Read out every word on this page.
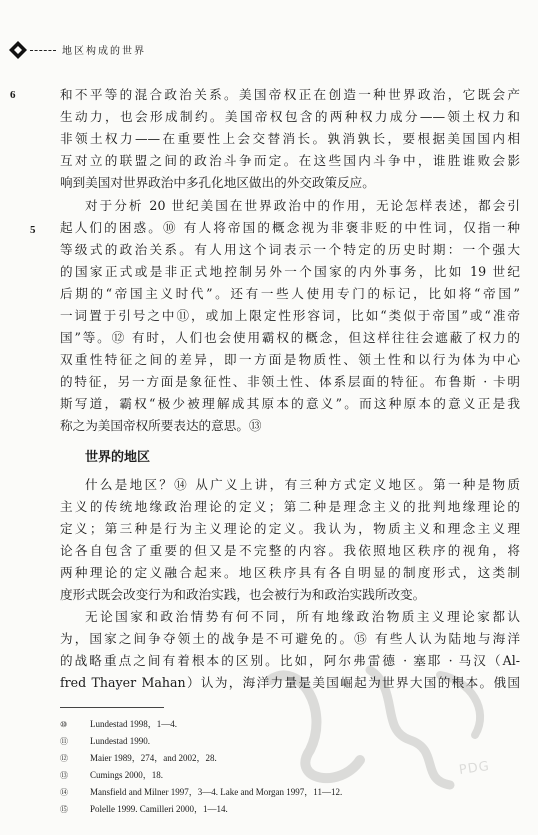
地区构成的世界
6
5
和不平等的混合政治关系。美国帝权正在创造一种世界政治，它既会产
生动力，也会形成制约。美国帝权包含的两种权力成分——领土权力和
非领土权力——在重要性上会交替消长。孰消孰长，要根据美国国内相
互对立的联盟之间的政治斗争而定。在这些国内斗争中，谁胜谁败会影
响到美国对世界政治中多孔化地区做出的外交政策反应。
对于分析 20 世纪美国在世界政治中的作用，无论怎样表述，都会引
起人们的困惑。⑩ 有人将帝国的概念视为非褒非贬的中性词，仅指一种
等级式的政治关系。有人用这个词表示一个特定的历史时期：一个强大
的国家正式或是非正式地控制另外一个国家的内外事务，比如 19 世纪
后期的“帝国主义时代”。还有一些人使用专门的标记，比如将“帝国”
一词置于引号之中⑪，或加上限定性形容词，比如“类似于帝国”或“准帝
国”等。⑫ 有时，人们也会使用霸权的概念，但这样往往会遮蔽了权力的
双重性特征之间的差异，即一方面是物质性、领土性和以行为体为中心
的特征，另一方面是象征性、非领土性、体系层面的特征。布鲁斯 · 卡明
斯写道，霸权“极少被理解成其原本的意义”。而这种原本的意义正是我
称之为美国帝权所要表达的意思。⑬
世界的地区
什么是地区？⑭ 从广义上讲，有三种方式定义地区。第一种是物质
主义的传统地缘政治理论的定义；第二种是理念主义的批判地缘理论的
定义；第三种是行为主义理论的定义。我认为，物质主义和理念主义理
论各自包含了重要的但又是不完整的内容。我依照地区秩序的视角，将
两种理论的定义融合起来。地区秩序具有各自明显的制度形式，这类制
度形式既会改变行为和政治实践，也会被行为和政治实践所改变。
无论国家和政治情势有何不同，所有地缘政治物质主义理论家都认
为，国家之间争夺领土的战争是不可避免的。⑮ 有些人认为陆地与海洋
的战略重点之间有着根本的区别。比如，阿尔弗雷德 · 塞耶 · 马汉（Al-
fred Thayer Mahan）认为，海洋力量是美国崛起为世界大国的根本。俄国
⑩	Lundestad 1998，1—4.
⑪ Lundestad 1990.
⑫ Maier 1989，274，and 2002，28.
⑬ Cumings 2000，18.
⑭ Mansfield and Milner 1997，3—4. Lake and Morgan 1997，11—12.
⑮ Polelle 1999. Camilleri 2000，1—14.
PDG
